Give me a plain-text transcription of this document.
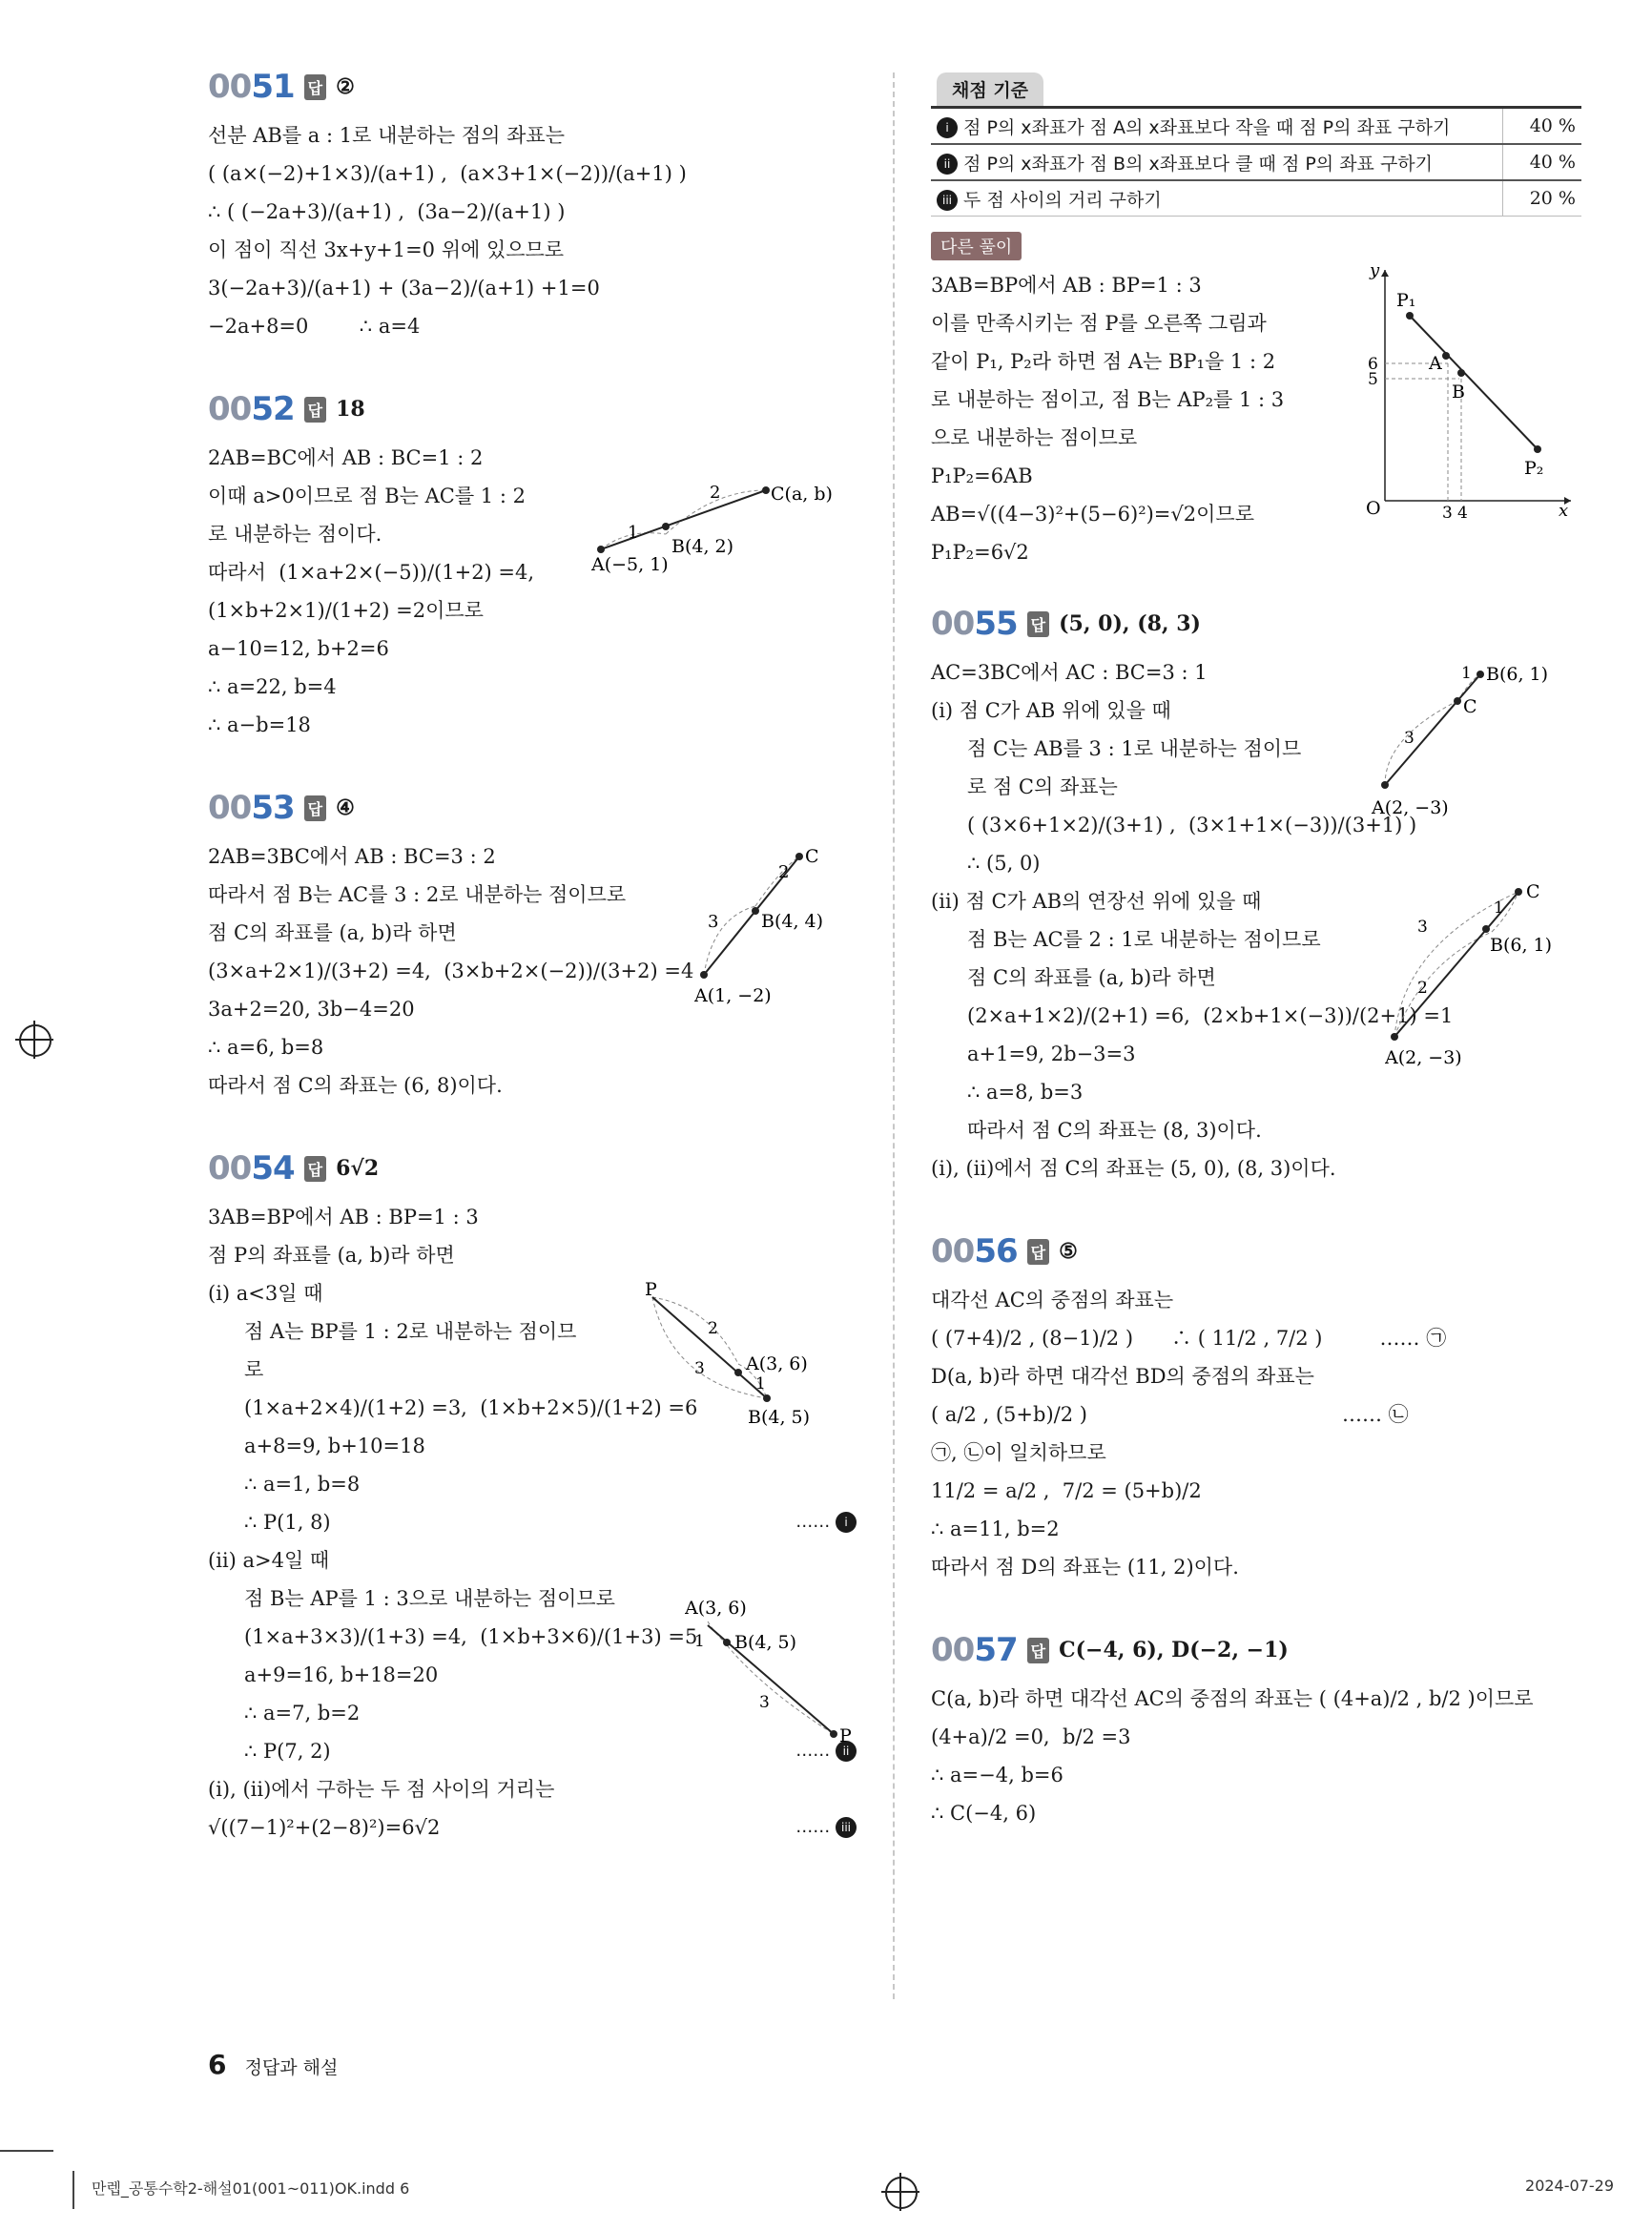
0051 답 ②
선분 AB를 a : 1로 내분하는 점의 좌표는
( (a×(−2)+1×3)/(a+1) ,  (a×3+1×(−2))/(a+1) )
∴ ( (−2a+3)/(a+1) ,  (3a−2)/(a+1) )
이 점이 직선 3x+y+1=0 위에 있으므로
3(−2a+3)/(a+1) + (3a−2)/(a+1) +1=0
−2a+8=0        ∴ a=4
0052 답 18
2AB=BC에서 AB : BC=1 : 2
이때 a>0이므로 점 B는 AC를 1 : 2
로 내분하는 점이다.
따라서  (1×a+2×(−5))/(1+2) =4,
(1×b+2×1)/(1+2) =2이므로
a−10=12, b+2=6
∴ a=22, b=4
∴ a−b=18
1
2
A(−5, 1)
B(4, 2)
C(a, b)
0053 답 ④
2AB=3BC에서 AB : BC=3 : 2
따라서 점 B는 AC를 3 : 2로 내분하는 점이므로
점 C의 좌표를 (a, b)라 하면
(3×a+2×1)/(3+2) =4,  (3×b+2×(−2))/(3+2) =4
3a+2=20, 3b−4=20
∴ a=6, b=8
따라서 점 C의 좌표는 (6, 8)이다.
3
2
A(1, −2)
B(4, 4)
C
0054 답 6√2
3AB=BP에서 AB : BP=1 : 3
점 P의 좌표를 (a, b)라 하면
(ⅰ) a<3일 때
점 A는 BP를 1 : 2로 내분하는 점이므
로
(1×a+2×4)/(1+2) =3,  (1×b+2×5)/(1+2) =6
a+8=9, b+10=18
∴ a=1, b=8
∴ P(1, 8)	…… i
(ⅱ) a>4일 때
점 B는 AP를 1 : 3으로 내분하는 점이므로
(1×a+3×3)/(1+3) =4,  (1×b+3×6)/(1+3) =5
a+9=16, b+18=20
∴ a=7, b=2
∴ P(7, 2)	…… ii
(ⅰ), (ⅱ)에서 구하는 두 점 사이의 거리는
√((7−1)²+(2−8)²)=6√2	…… iii
P
2
3
1
A(3, 6)
B(4, 5)
A(3, 6)
1 B(4, 5)
3
P
채점 기준
i 점 P의 x좌표가 점 A의 x좌표보다 작을 때 점 P의 좌표 구하기	40 %
ii 점 P의 x좌표가 점 B의 x좌표보다 클 때 점 P의 좌표 구하기	40 %
iii 두 점 사이의 거리 구하기	20 %
다른 풀이
3AB=BP에서 AB : BP=1 : 3
이를 만족시키는 점 P를 오른쪽 그림과
같이 P₁, P₂라 하면 점 A는 BP₁을 1 : 2
로 내분하는 점이고, 점 B는 AP₂를 1 : 3
으로 내분하는 점이므로
P₁P₂=6AB
AB=√((4−3)²+(5−6)²)=√2이므로
P₁P₂=6√2
y
x
O
P₁
P₂
A
B
6
5
3 4
0055 답 (5, 0), (8, 3)
AC=3BC에서 AC : BC=3 : 1
(ⅰ) 점 C가 AB 위에 있을 때
점 C는 AB를 3 : 1로 내분하는 점이므
로 점 C의 좌표는
( (3×6+1×2)/(3+1) ,  (3×1+1×(−3))/(3+1) )
∴ (5, 0)
(ⅱ) 점 C가 AB의 연장선 위에 있을 때
점 B는 AC를 2 : 1로 내분하는 점이므로
점 C의 좌표를 (a, b)라 하면
(2×a+1×2)/(2+1) =6,  (2×b+1×(−3))/(2+1) =1
a+1=9, 2b−3=3
∴ a=8, b=3
따라서 점 C의 좌표는 (8, 3)이다.
(ⅰ), (ⅱ)에서 점 C의 좌표는 (5, 0), (8, 3)이다.
3
1 B(6, 1)
C
A(2, −3)
3
2
1
C
B(6, 1)
A(2, −3)
0056 답 ⑤
대각선 AC의 중점의 좌표는
( (7+4)/2 , (8−1)/2 )      ∴ ( 11/2 , 7/2 )         …… ㉠
D(a, b)라 하면 대각선 BD의 중점의 좌표는
( a/2 , (5+b)/2 )                                        …… ㉡
㉠, ㉡이 일치하므로
11/2 = a/2 ,  7/2 = (5+b)/2
∴ a=11, b=2
따라서 점 D의 좌표는 (11, 2)이다.
0057 답 C(−4, 6), D(−2, −1)
C(a, b)라 하면 대각선 AC의 중점의 좌표는 ( (4+a)/2 , b/2 )이므로
(4+a)/2 =0,  b/2 =3
∴ a=−4, b=6
∴ C(−4, 6)
6 정답과 해설
만렙_공통수학2-해설01(001~011)OK.indd 6	2024-07-29
